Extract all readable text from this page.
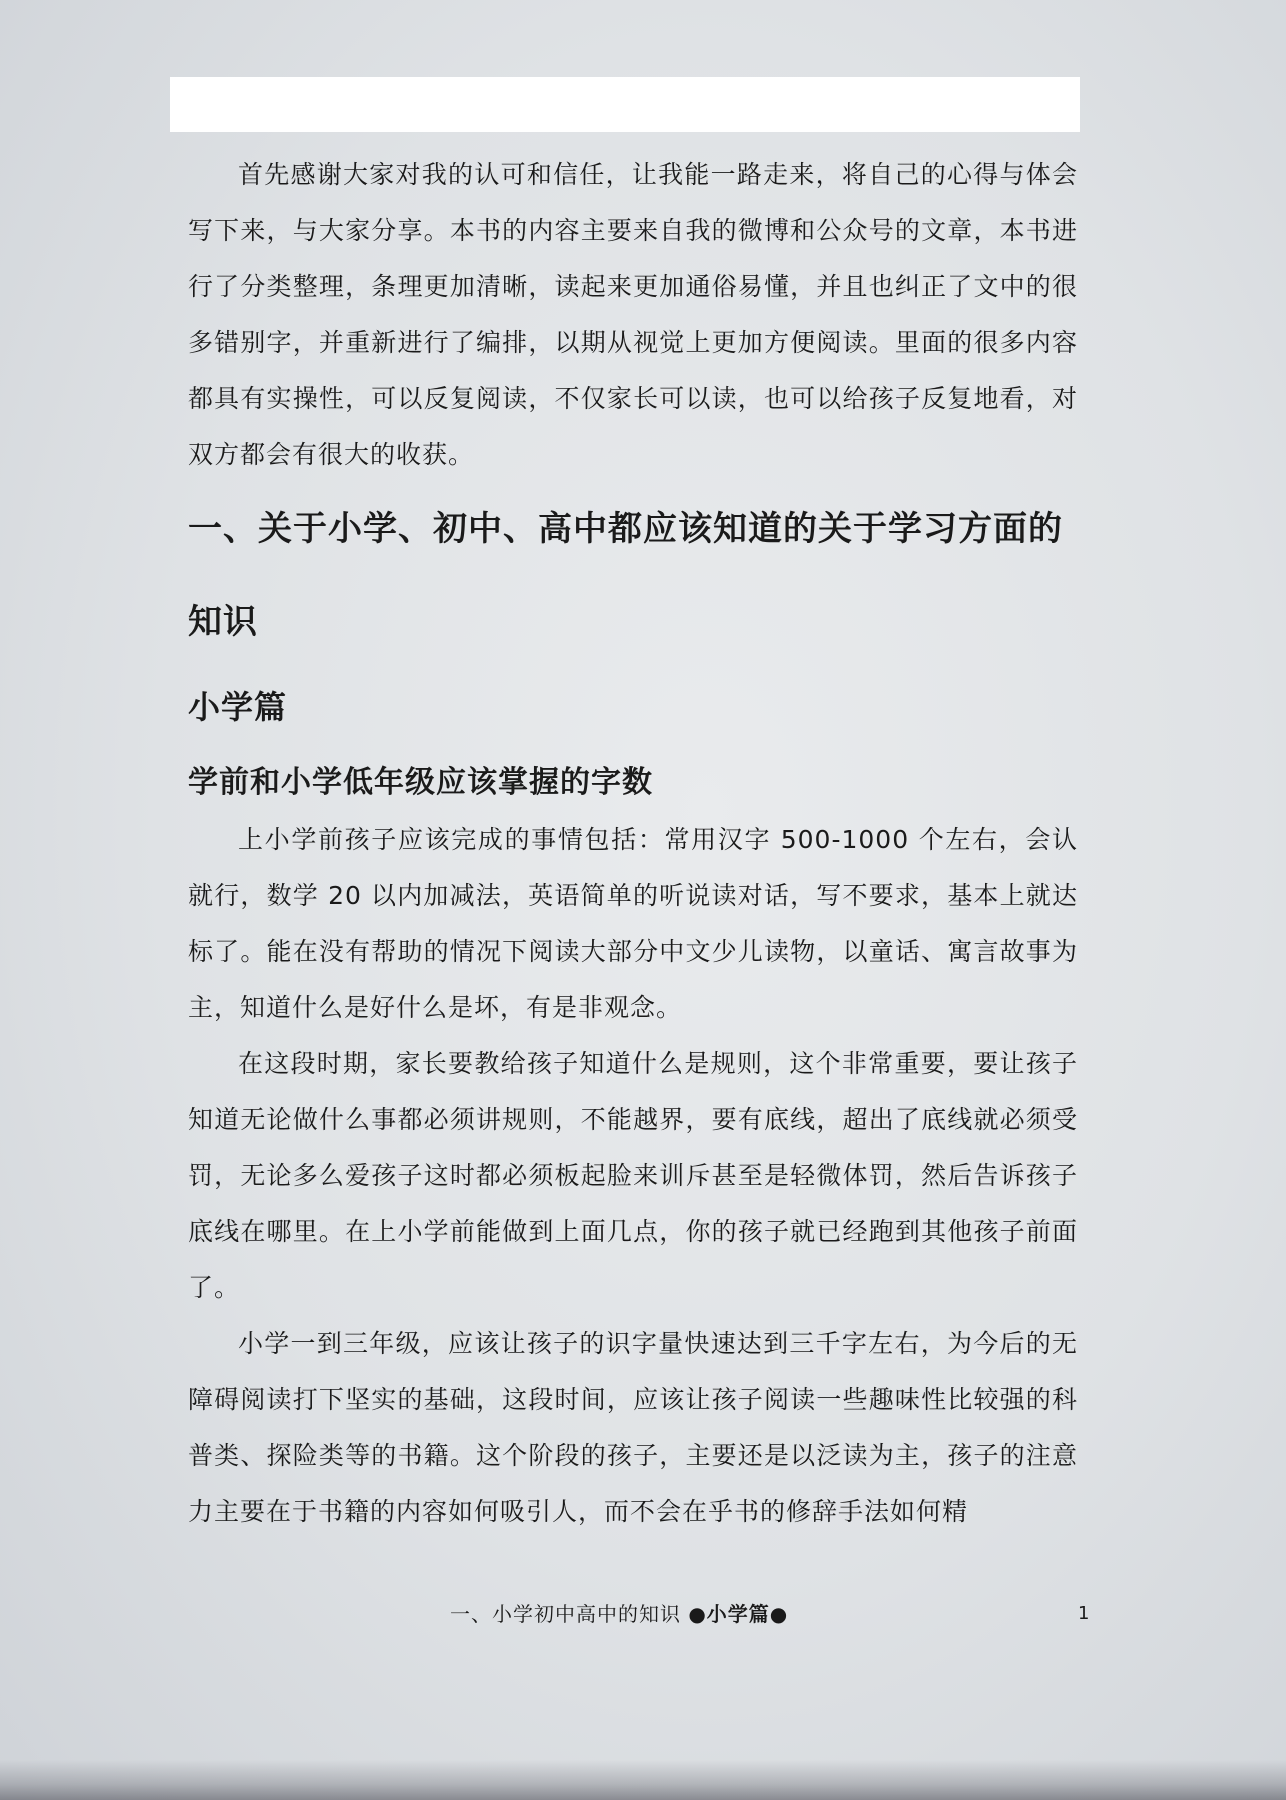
首先感谢大家对我的认可和信任，让我能一路走来，将自己的心得与体会写下来，与大家分享。本书的内容主要来自我的微博和公众号的文章，本书进行了分类整理，条理更加清晰，读起来更加通俗易懂，并且也纠正了文中的很多错别字，并重新进行了编排，以期从视觉上更加方便阅读。里面的很多内容都具有实操性，可以反复阅读，不仅家长可以读，也可以给孩子反复地看，对双方都会有很大的收获。

一、关于小学、初中、高中都应该知道的关于学习方面的知识
小学篇
学前和小学低年级应该掌握的字数

上小学前孩子应该完成的事情包括：常用汉字 500-1000 个左右，会认就行，数学 20 以内加减法，英语简单的听说读对话，写不要求，基本上就达标了。能在没有帮助的情况下阅读大部分中文少儿读物，以童话、寓言故事为主，知道什么是好什么是坏，有是非观念。

在这段时期，家长要教给孩子知道什么是规则，这个非常重要，要让孩子知道无论做什么事都必须讲规则，不能越界，要有底线，超出了底线就必须受罚，无论多么爱孩子这时都必须板起脸来训斥甚至是轻微体罚，然后告诉孩子底线在哪里。在上小学前能做到上面几点，你的孩子就已经跑到其他孩子前面了。

小学一到三年级，应该让孩子的识字量快速达到三千字左右，为今后的无障碍阅读打下坚实的基础，这段时间，应该让孩子阅读一些趣味性比较强的科普类、探险类等的书籍。这个阶段的孩子，主要还是以泛读为主，孩子的注意力主要在于书籍的内容如何吸引人，而不会在乎书的修辞手法如何精

一、小学初中高中的知识 ●小学篇●	1
